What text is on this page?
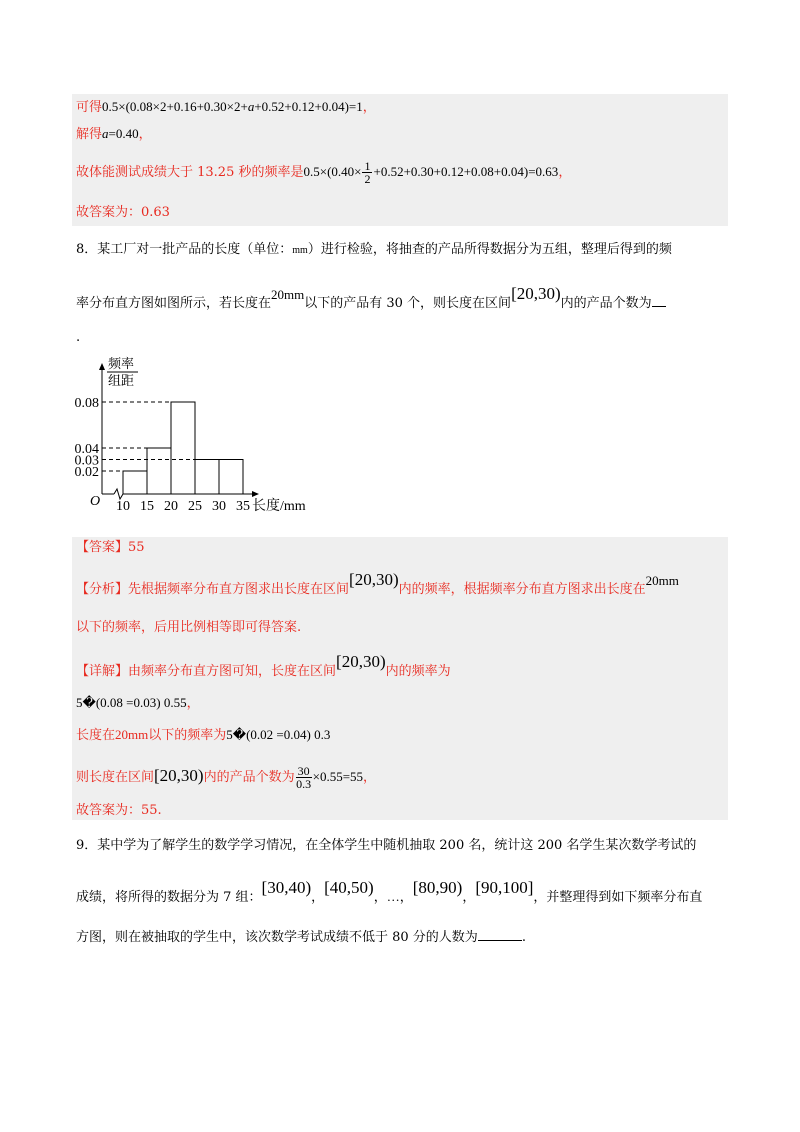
可得0.5×(0.08×2+0.16+0.30×2+a+0.52+0.12+0.04)=1，
解得a=0.40，
故体能测试成绩大于 13.25 秒的频率是$0.5\times(0.40\times \frac{1}{2} +0.52+0.30+0.12+0.08+0.04)=0.63$，
故答案为：0.63
8．某工厂对一批产品的长度（单位：mm）进行检验，将抽查的产品所得数据分为五组，整理后得到的频
率分布直方图如图所示，若长度在20mm以下的产品有 30 个，则长度在区间[20,30)内的产品个数为
.
频率
组距
O	长度/mm
0.08
0.04
0.03
0.02
10 15 20 25 30 35
【答案】55
【分析】先根据频率分布直方图求出长度在区间[20,30)内的频率，根据频率分布直方图求出长度在20mm
以下的频率，后用比例相等即可得答案.
【详解】由频率分布直方图可知，长度在区间[20,30)内的频率为
5�(0.08 =0.03) 0.55，
长度在20mm以下的频率为5�(0.02 =0.04) 0.3
则长度在区间[20,30)内的产品个数为 $\frac{30}{0.3} \times 0.55=55$，
故答案为：55.
9．某中学为了解学生的数学学习情况，在全体学生中随机抽取 200 名，统计这 200 名学生某次数学考试的
成绩，将所得的数据分为 7 组：[30,40)，[40,50)，…，[80,90)，[90,100]，并整理得到如下频率分布直
方图，则在被抽取的学生中，该次数学考试成绩不低于 80 分的人数为	.
